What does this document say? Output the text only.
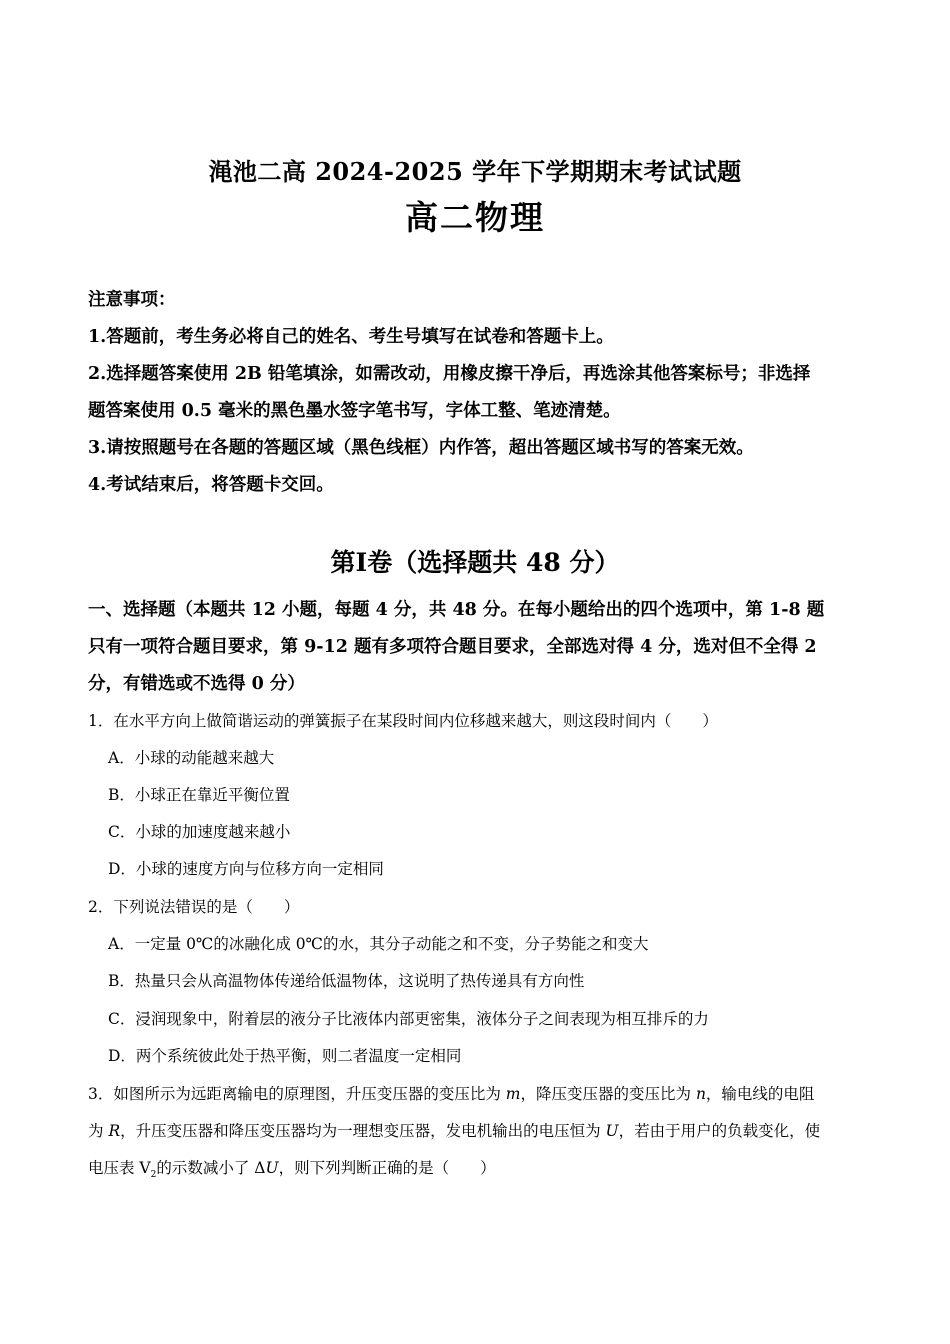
渑池二高 2024-2025 学年下学期期末考试试题
高二物理
注意事项：
1.答题前，考生务必将自己的姓名、考生号填写在试卷和答题卡上。
2.选择题答案使用 2B 铅笔填涂，如需改动，用橡皮擦干净后，再选涂其他答案标号；非选择
题答案使用 0.5 毫米的黑色墨水签字笔书写，字体工整、笔迹清楚。
3.请按照题号在各题的答题区域（黑色线框）内作答，超出答题区域书写的答案无效。
4.考试结束后，将答题卡交回。
第Ⅰ卷（选择题共 48 分）
一、选择题（本题共 12 小题，每题 4 分，共 48 分。在每小题给出的四个选项中，第 1-8 题
只有一项符合题目要求，第 9-12 题有多项符合题目要求，全部选对得 4 分，选对但不全得 2
分，有错选或不选得 0 分）
1．在水平方向上做简谐运动的弹簧振子在某段时间内位移越来越大，则这段时间内（　　）
A．小球的动能越来越大
B．小球正在靠近平衡位置
C．小球的加速度越来越小
D．小球的速度方向与位移方向一定相同
2．下列说法错误的是（　　）
A．一定量 0℃的冰融化成 0℃的水，其分子动能之和不变，分子势能之和变大
B．热量只会从高温物体传递给低温物体，这说明了热传递具有方向性
C．浸润现象中，附着层的液分子比液体内部更密集，液体分子之间表现为相互排斥的力
D．两个系统彼此处于热平衡，则二者温度一定相同
3．如图所示为远距离输电的原理图，升压变压器的变压比为 m，降压变压器的变压比为 n，输电线的电阻
为 R，升压变压器和降压变压器均为一理想变压器，发电机输出的电压恒为 U，若由于用户的负载变化，使
电压表 $V_2$的示数减小了 ΔU，则下列判断正确的是（　　）
